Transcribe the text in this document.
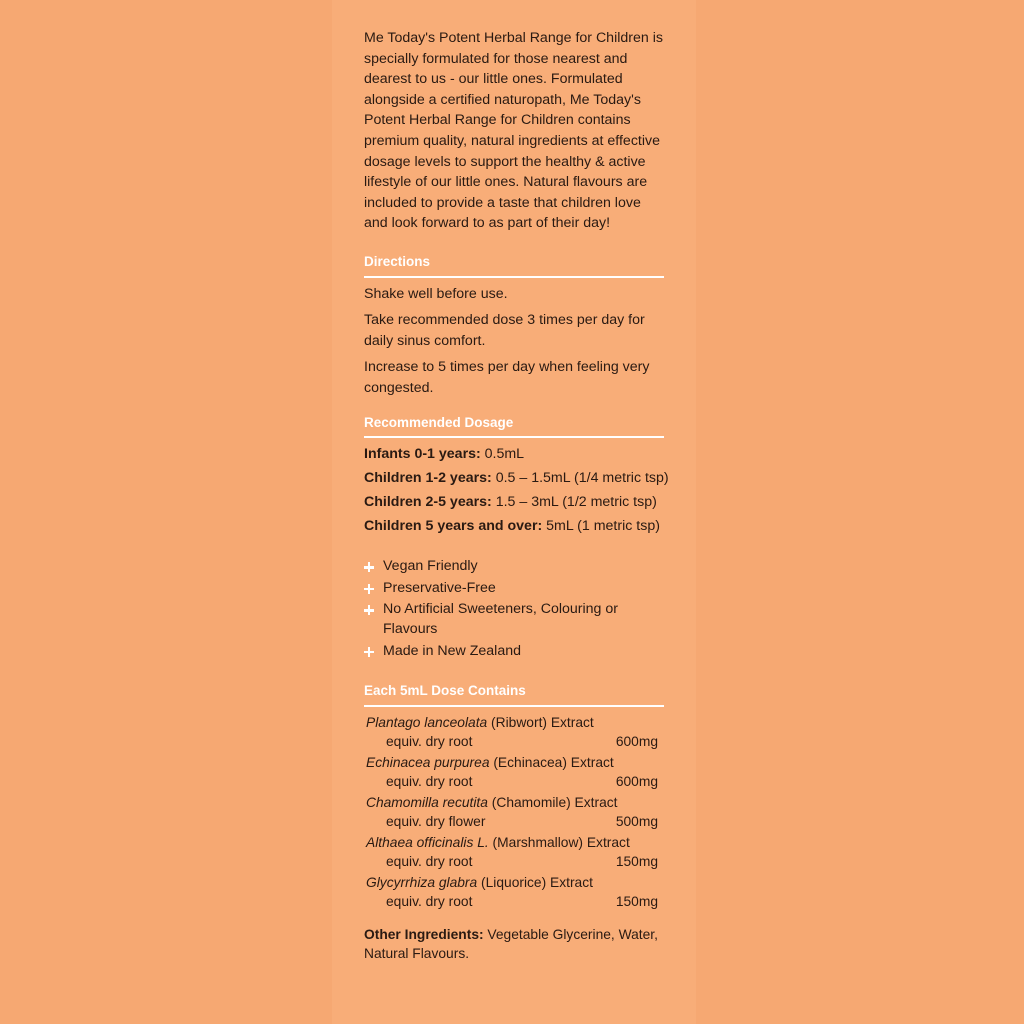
Me Today's Potent Herbal Range for Children is specially formulated for those nearest and dearest to us - our little ones. Formulated alongside a certified naturopath, Me Today's Potent Herbal Range for Children contains premium quality, natural ingredients at effective dosage levels to support the healthy & active lifestyle of our little ones. Natural flavours are included to provide a taste that children love and look forward to as part of their day!

Directions

Shake well before use.

Take recommended dose 3 times per day for daily sinus comfort.

Increase to 5 times per day when feeling very congested.

Recommended Dosage

Infants 0-1 years: 0.5mL

Children 1-2 years: 0.5 – 1.5mL (1/4 metric tsp)

Children 2-5 years: 1.5 – 3mL (1/2 metric tsp)

Children 5 years and over: 5mL (1 metric tsp)

Vegan Friendly
Preservative-Free
No Artificial Sweeteners, Colouring or Flavours
Made in New Zealand
Each 5mL Dose Contains
Plantago lanceolata (Ribwort) Extract
equiv. dry root	600mg
Echinacea purpurea (Echinacea) Extract
equiv. dry root	600mg
Chamomilla recutita (Chamomile) Extract
equiv. dry flower	500mg
Althaea officinalis L. (Marshmallow) Extract
equiv. dry root	150mg
Glycyrrhiza glabra (Liquorice) Extract
equiv. dry root	150mg
Other Ingredients: Vegetable Glycerine, Water, Natural Flavours.
